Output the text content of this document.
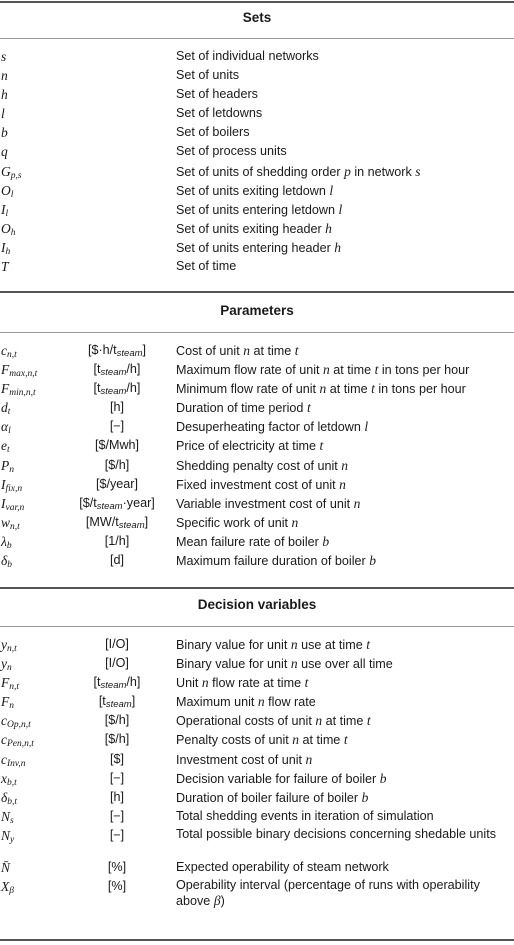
Sets
s	Set of individual networks
n	Set of units
h	Set of headers
l	Set of letdowns
b	Set of boilers
q	Set of process units
$G_{p,s}$	Set of units of shedding order p in network s
$O_l$	Set of units exiting letdown l
$I_l$	Set of units entering letdown l
$O_h$	Set of units exiting header h
$I_h$	Set of units entering header h
T	Set of time
Parameters
$c_{n,t}$	$[\$\cdot h/t_{steam}]$	Cost of unit n at time t
$F_{max,n,t}$	$[t_{steam}/h]$	Maximum flow rate of unit n at time t in tons per hour
$F_{min,n,t}$	$[t_{steam}/h]$	Minimum flow rate of unit n at time t in tons per hour
$d_t$	[h]	Duration of time period t
$\alpha_l$	[−]	Desuperheating factor of letdown l
$e_t$	[$/Mwh]	Price of electricity at time t
$P_n$	[$/h]	Shedding penalty cost of unit n
$I_{fix,n}$	[$/year]	Fixed investment cost of unit n
$I_{var,n}$	$[\$/t_{steam}\cdot year]$	Variable investment cost of unit n
$w_{n,t}$	$[MW/t_{steam}]$	Specific work of unit n
$\lambda_b$	[1/h]	Mean failure rate of boiler b
$\delta_b$	[d]	Maximum failure duration of boiler b
Decision variables
$y_{n,t}$	[I/O]	Binary value for unit n use at time t
$y_n$	[I/O]	Binary value for unit n use over all time
$F_{n,t}$	$[t_{steam}/h]$	Unit n flow rate at time t
$F_n$	$[t_{steam}]$	Maximum unit n flow rate
$c_{Op,n,t}$	[$/h]	Operational costs of unit n at time t
$c_{Pen,n,t}$	[$/h]	Penalty costs of unit n at time t
$c_{Inv,n}$	[$]	Investment cost of unit n
$x_{b,t}$	[−]	Decision variable for failure of boiler b
$\delta_{b,t}$	[h]	Duration of boiler failure of boiler b
$N_s$	[−]	Total shedding events in iteration of simulation
$N_y$	[−]	Total possible binary decisions concerning shedable units
N̄	[%]	Expected operability of steam network
$X_\beta$	[%]	Operability interval (percentage of runs with operability above β)
